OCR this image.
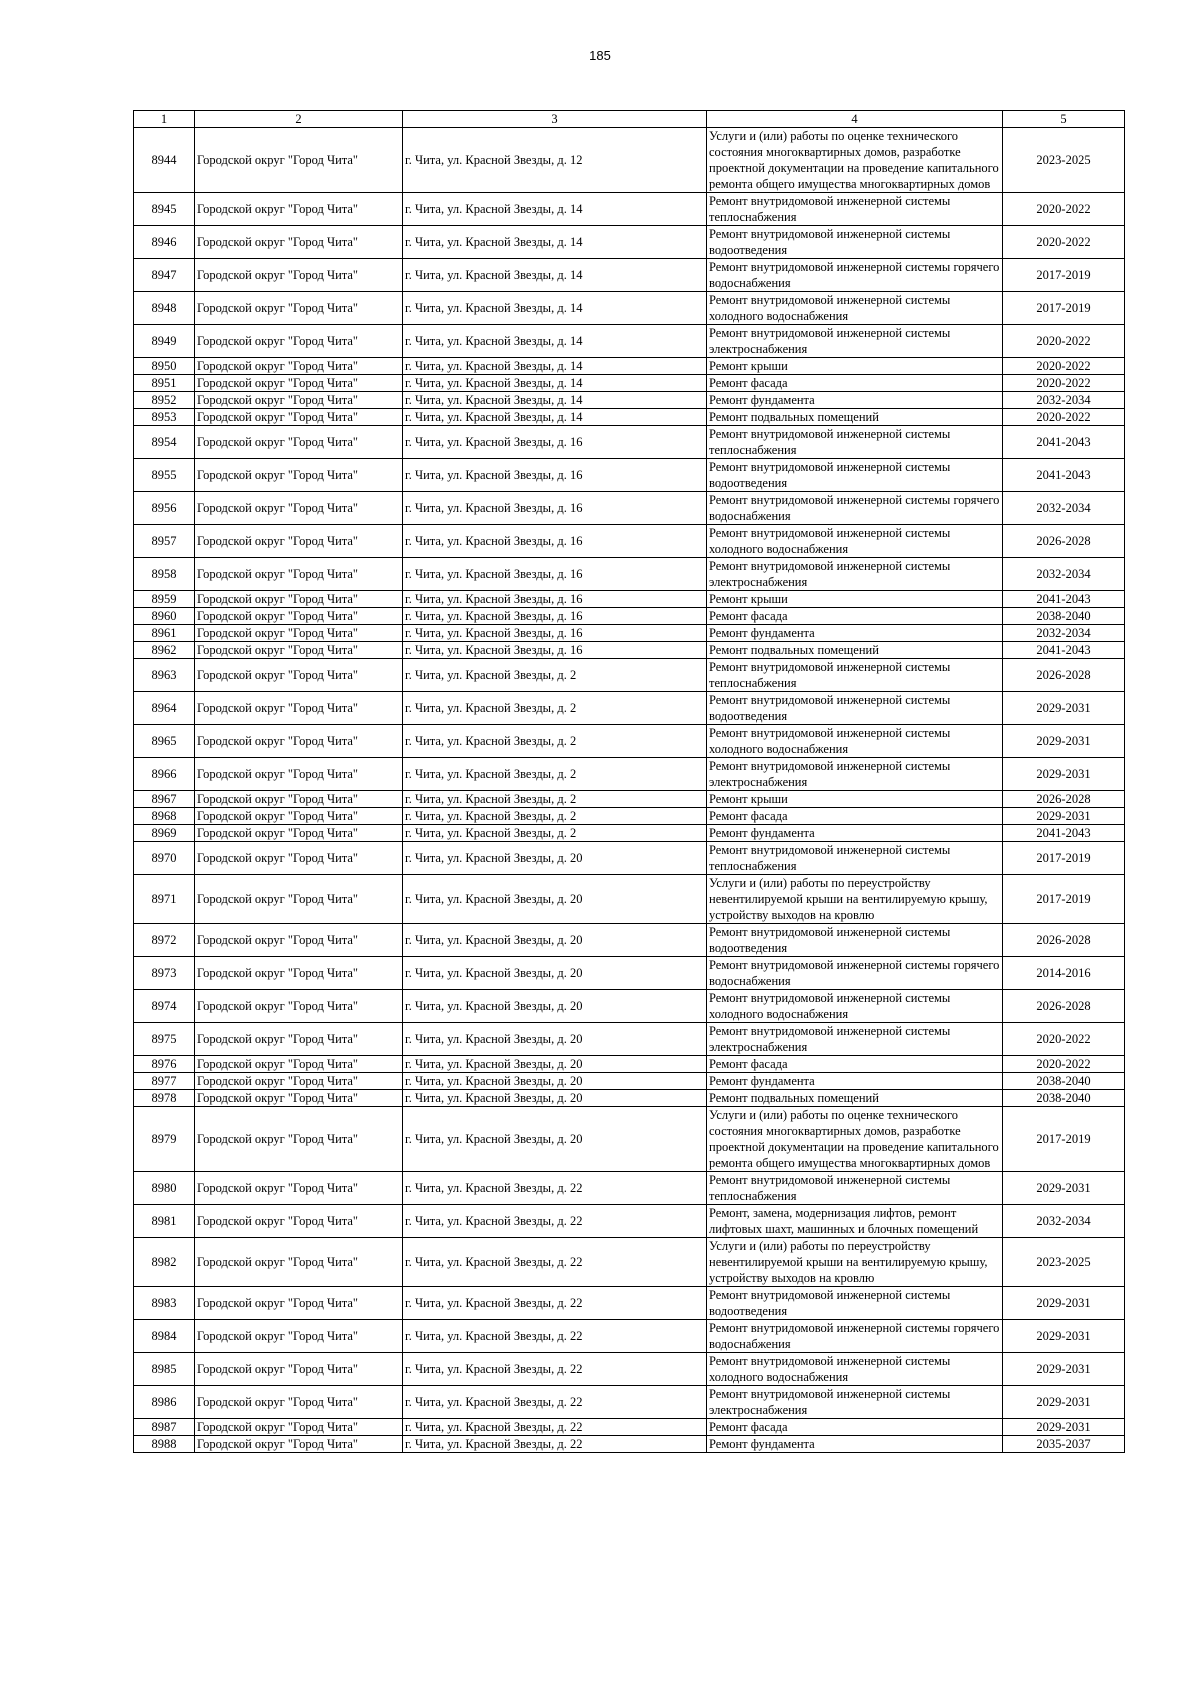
185
1	2	3	4	5
8944	Городской округ "Город Чита"	г. Чита, ул. Красной Звезды, д. 12	Услуги и (или) работы по оценке технического состояния многоквартирных домов, разработке проектной документации на проведение капитального ремонта общего имущества многоквартирных домов	2023-2025
8945	Городской округ "Город Чита"	г. Чита, ул. Красной Звезды, д. 14	Ремонт внутридомовой инженерной системы теплоснабжения	2020-2022
8946	Городской округ "Город Чита"	г. Чита, ул. Красной Звезды, д. 14	Ремонт внутридомовой инженерной системы водоотведения	2020-2022
8947	Городской округ "Город Чита"	г. Чита, ул. Красной Звезды, д. 14	Ремонт внутридомовой инженерной системы горячего водоснабжения	2017-2019
8948	Городской округ "Город Чита"	г. Чита, ул. Красной Звезды, д. 14	Ремонт внутридомовой инженерной системы холодного водоснабжения	2017-2019
8949	Городской округ "Город Чита"	г. Чита, ул. Красной Звезды, д. 14	Ремонт внутридомовой инженерной системы электроснабжения	2020-2022
8950	Городской округ "Город Чита"	г. Чита, ул. Красной Звезды, д. 14	Ремонт крыши	2020-2022
8951	Городской округ "Город Чита"	г. Чита, ул. Красной Звезды, д. 14	Ремонт фасада	2020-2022
8952	Городской округ "Город Чита"	г. Чита, ул. Красной Звезды, д. 14	Ремонт фундамента	2032-2034
8953	Городской округ "Город Чита"	г. Чита, ул. Красной Звезды, д. 14	Ремонт подвальных помещений	2020-2022
8954	Городской округ "Город Чита"	г. Чита, ул. Красной Звезды, д. 16	Ремонт внутридомовой инженерной системы теплоснабжения	2041-2043
8955	Городской округ "Город Чита"	г. Чита, ул. Красной Звезды, д. 16	Ремонт внутридомовой инженерной системы водоотведения	2041-2043
8956	Городской округ "Город Чита"	г. Чита, ул. Красной Звезды, д. 16	Ремонт внутридомовой инженерной системы горячего водоснабжения	2032-2034
8957	Городской округ "Город Чита"	г. Чита, ул. Красной Звезды, д. 16	Ремонт внутридомовой инженерной системы холодного водоснабжения	2026-2028
8958	Городской округ "Город Чита"	г. Чита, ул. Красной Звезды, д. 16	Ремонт внутридомовой инженерной системы электроснабжения	2032-2034
8959	Городской округ "Город Чита"	г. Чита, ул. Красной Звезды, д. 16	Ремонт крыши	2041-2043
8960	Городской округ "Город Чита"	г. Чита, ул. Красной Звезды, д. 16	Ремонт фасада	2038-2040
8961	Городской округ "Город Чита"	г. Чита, ул. Красной Звезды, д. 16	Ремонт фундамента	2032-2034
8962	Городской округ "Город Чита"	г. Чита, ул. Красной Звезды, д. 16	Ремонт подвальных помещений	2041-2043
8963	Городской округ "Город Чита"	г. Чита, ул. Красной Звезды, д. 2	Ремонт внутридомовой инженерной системы теплоснабжения	2026-2028
8964	Городской округ "Город Чита"	г. Чита, ул. Красной Звезды, д. 2	Ремонт внутридомовой инженерной системы водоотведения	2029-2031
8965	Городской округ "Город Чита"	г. Чита, ул. Красной Звезды, д. 2	Ремонт внутридомовой инженерной системы холодного водоснабжения	2029-2031
8966	Городской округ "Город Чита"	г. Чита, ул. Красной Звезды, д. 2	Ремонт внутридомовой инженерной системы электроснабжения	2029-2031
8967	Городской округ "Город Чита"	г. Чита, ул. Красной Звезды, д. 2	Ремонт крыши	2026-2028
8968	Городской округ "Город Чита"	г. Чита, ул. Красной Звезды, д. 2	Ремонт фасада	2029-2031
8969	Городской округ "Город Чита"	г. Чита, ул. Красной Звезды, д. 2	Ремонт фундамента	2041-2043
8970	Городской округ "Город Чита"	г. Чита, ул. Красной Звезды, д. 20	Ремонт внутридомовой инженерной системы теплоснабжения	2017-2019
8971	Городской округ "Город Чита"	г. Чита, ул. Красной Звезды, д. 20	Услуги и (или) работы по переустройству невентилируемой крыши на вентилируемую крышу, устройству выходов на кровлю	2017-2019
8972	Городской округ "Город Чита"	г. Чита, ул. Красной Звезды, д. 20	Ремонт внутридомовой инженерной системы водоотведения	2026-2028
8973	Городской округ "Город Чита"	г. Чита, ул. Красной Звезды, д. 20	Ремонт внутридомовой инженерной системы горячего водоснабжения	2014-2016
8974	Городской округ "Город Чита"	г. Чита, ул. Красной Звезды, д. 20	Ремонт внутридомовой инженерной системы холодного водоснабжения	2026-2028
8975	Городской округ "Город Чита"	г. Чита, ул. Красной Звезды, д. 20	Ремонт внутридомовой инженерной системы электроснабжения	2020-2022
8976	Городской округ "Город Чита"	г. Чита, ул. Красной Звезды, д. 20	Ремонт фасада	2020-2022
8977	Городской округ "Город Чита"	г. Чита, ул. Красной Звезды, д. 20	Ремонт фундамента	2038-2040
8978	Городской округ "Город Чита"	г. Чита, ул. Красной Звезды, д. 20	Ремонт подвальных помещений	2038-2040
8979	Городской округ "Город Чита"	г. Чита, ул. Красной Звезды, д. 20	Услуги и (или) работы по оценке технического состояния многоквартирных домов, разработке проектной документации на проведение капитального ремонта общего имущества многоквартирных домов	2017-2019
8980	Городской округ "Город Чита"	г. Чита, ул. Красной Звезды, д. 22	Ремонт внутридомовой инженерной системы теплоснабжения	2029-2031
8981	Городской округ "Город Чита"	г. Чита, ул. Красной Звезды, д. 22	Ремонт, замена, модернизация лифтов, ремонт лифтовых шахт, машинных и блочных помещений	2032-2034
8982	Городской округ "Город Чита"	г. Чита, ул. Красной Звезды, д. 22	Услуги и (или) работы по переустройству невентилируемой крыши на вентилируемую крышу, устройству выходов на кровлю	2023-2025
8983	Городской округ "Город Чита"	г. Чита, ул. Красной Звезды, д. 22	Ремонт внутридомовой инженерной системы водоотведения	2029-2031
8984	Городской округ "Город Чита"	г. Чита, ул. Красной Звезды, д. 22	Ремонт внутридомовой инженерной системы горячего водоснабжения	2029-2031
8985	Городской округ "Город Чита"	г. Чита, ул. Красной Звезды, д. 22	Ремонт внутридомовой инженерной системы холодного водоснабжения	2029-2031
8986	Городской округ "Город Чита"	г. Чита, ул. Красной Звезды, д. 22	Ремонт внутридомовой инженерной системы электроснабжения	2029-2031
8987	Городской округ "Город Чита"	г. Чита, ул. Красной Звезды, д. 22	Ремонт фасада	2029-2031
8988	Городской округ "Город Чита"	г. Чита, ул. Красной Звезды, д. 22	Ремонт фундамента	2035-2037
